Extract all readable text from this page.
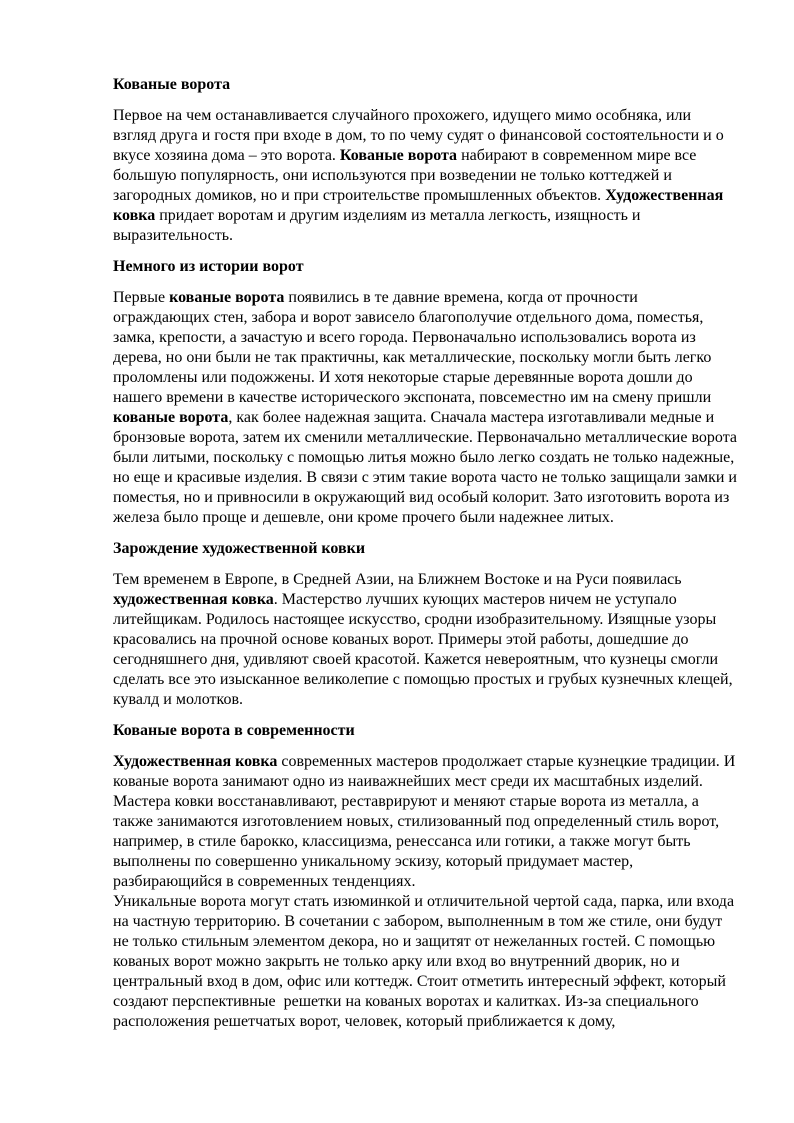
Кованые ворота

Первое на чем останавливается случайного прохожего, идущего мимо особняка, или взгляд друга и гостя при входе в дом, то по чему судят о финансовой состоятельности и о вкусе хозяина дома – это ворота. Кованые ворота набирают в современном мире все большую популярность, они используются при возведении не только коттеджей и загородных домиков, но и при строительстве промышленных объектов. Художественная ковка придает воротам и другим изделиям из металла легкость, изящность и выразительность.

Немного из истории ворот

Первые кованые ворота появились в те давние времена, когда от прочности ограждающих стен, забора и ворот зависело благополучие отдельного дома, поместья, замка, крепости, а зачастую и всего города. Первоначально использовались ворота из дерева, но они были не так практичны, как металлические, поскольку могли быть легко проломлены или подожжены. И хотя некоторые старые деревянные ворота дошли до нашего времени в качестве исторического экспоната, повсеместно им на смену пришли кованые ворота, как более надежная защита. Сначала мастера изготавливали медные и бронзовые ворота, затем их сменили металлические. Первоначально металлические ворота были литыми, поскольку с помощью литья можно было легко создать не только надежные, но еще и красивые изделия. В связи с этим такие ворота часто не только защищали замки и поместья, но и привносили в окружающий вид особый колорит. Зато изготовить ворота из железа было проще и дешевле, они кроме прочего были надежнее литых.

Зарождение художественной ковки

Тем временем в Европе, в Средней Азии, на Ближнем Востоке и на Руси появилась художественная ковка. Мастерство лучших кующих мастеров ничем не уступало литейщикам. Родилось настоящее искусство, сродни изобразительному. Изящные узоры красовались на прочной основе кованых ворот. Примеры этой работы, дошедшие до сегодняшнего дня, удивляют своей красотой. Кажется невероятным, что кузнецы смогли сделать все это изысканное великолепие с помощью простых и грубых кузнечных клещей, кувалд и молотков.

Кованые ворота в современности

Художественная ковка современных мастеров продолжает старые кузнецкие традиции. И кованые ворота занимают одно из наиважнейших мест среди их масштабных изделий. Мастера ковки восстанавливают, реставрируют и меняют старые ворота из металла, а также занимаются изготовлением новых, стилизованный под определенный стиль ворот, например, в стиле барокко, классицизма, ренессанса или готики, а также могут быть выполнены по совершенно уникальному эскизу, который придумает мастер, разбирающийся в современных тенденциях.

Уникальные ворота могут стать изюминкой и отличительной чертой сада, парка, или входа на частную территорию. В сочетании с забором, выполненным в том же стиле, они будут не только стильным элементом декора, но и защитят от нежеланных гостей. С помощью кованых ворот можно закрыть не только арку или вход во внутренний дворик, но и центральный вход в дом, офис или коттедж. Стоит отметить интересный эффект, который создают перспективные  решетки на кованых воротах и калитках. Из-за специального расположения решетчатых ворот, человек, который приближается к дому,
